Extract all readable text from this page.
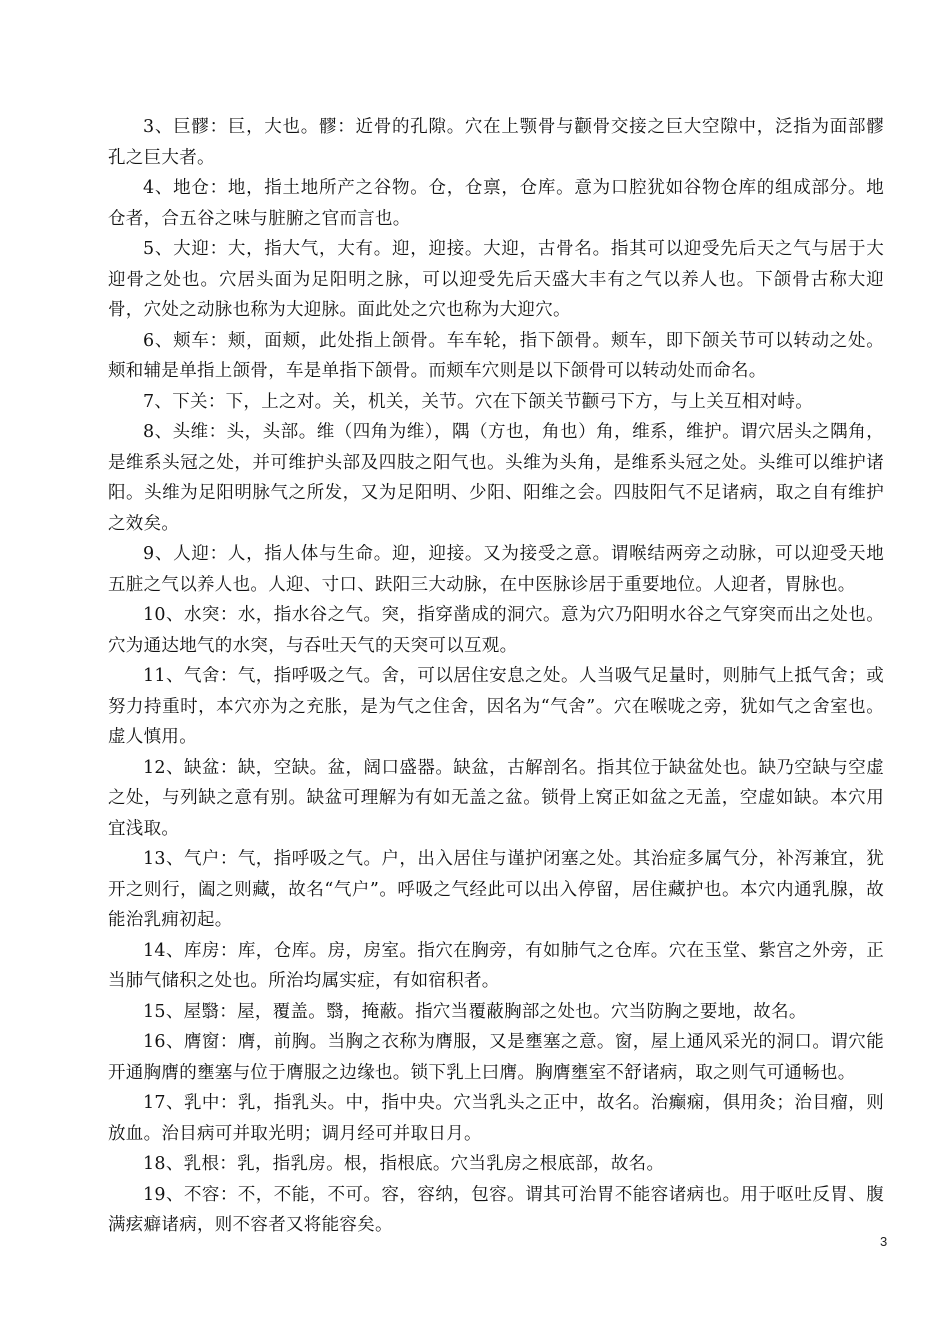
3、巨髎：巨，大也。髎：近骨的孔隙。穴在上颚骨与颧骨交接之巨大空隙中，泛指为面部髎孔之巨大者。

4、地仓：地，指土地所产之谷物。仓，仓禀，仓库。意为口腔犹如谷物仓库的组成部分。地仓者，合五谷之味与脏腑之官而言也。

5、大迎：大，指大气，大有。迎，迎接。大迎，古骨名。指其可以迎受先后天之气与居于大迎骨之处也。穴居头面为足阳明之脉，可以迎受先后天盛大丰有之气以养人也。下颌骨古称大迎骨，穴处之动脉也称为大迎脉。面此处之穴也称为大迎穴。

6、颊车：颊，面颊，此处指上颌骨。车车轮，指下颌骨。颊车，即下颌关节可以转动之处。颊和辅是单指上颌骨，车是单指下颌骨。而颊车穴则是以下颌骨可以转动处而命名。

7、下关：下，上之对。关，机关，关节。穴在下颌关节颧弓下方，与上关互相对峙。

8、头维：头，头部。维（四角为维），隅（方也，角也）角，维系，维护。谓穴居头之隅角，是维系头冠之处，并可维护头部及四肢之阳气也。头维为头角，是维系头冠之处。头维可以维护诸阳。头维为足阳明脉气之所发，又为足阳明、少阳、阳维之会。四肢阳气不足诸病，取之自有维护之效矣。

9、人迎：人，指人体与生命。迎，迎接。又为接受之意。谓喉结两旁之动脉，可以迎受天地五脏之气以养人也。人迎、寸口、趺阳三大动脉，在中医脉诊居于重要地位。人迎者，胃脉也。

10、水突：水，指水谷之气。突，指穿凿成的洞穴。意为穴乃阳明水谷之气穿突而出之处也。穴为通达地气的水突，与吞吐天气的天突可以互观。

11、气舍：气，指呼吸之气。舍，可以居住安息之处。人当吸气足量时，则肺气上抵气舍；或努力持重时，本穴亦为之充胀，是为气之住舍，因名为“气舍”。穴在喉咙之旁，犹如气之舍室也。虚人慎用。

12、缺盆：缺，空缺。盆，阔口盛器。缺盆，古解剖名。指其位于缺盆处也。缺乃空缺与空虚之处，与列缺之意有别。缺盆可理解为有如无盖之盆。锁骨上窝正如盆之无盖，空虚如缺。本穴用宜浅取。

13、气户：气，指呼吸之气。户，出入居住与谨护闭塞之处。其治症多属气分，补泻兼宜，犹开之则行，阖之则藏，故名“气户”。呼吸之气经此可以出入停留，居住藏护也。本穴内通乳腺，故能治乳痈初起。

14、库房：库，仓库。房，房室。指穴在胸旁，有如肺气之仓库。穴在玉堂、紫宫之外旁，正当肺气储积之处也。所治均属实症，有如宿积者。

15、屋翳：屋，覆盖。翳，掩蔽。指穴当覆蔽胸部之处也。穴当防胸之要地，故名。

16、膺窗：膺，前胸。当胸之衣称为膺服，又是壅塞之意。窗，屋上通风采光的洞口。谓穴能开通胸膺的壅塞与位于膺服之边缘也。锁下乳上曰膺。胸膺壅室不舒诸病，取之则气可通畅也。

17、乳中：乳，指乳头。中，指中央。穴当乳头之正中，故名。治癫痫，俱用灸；治目瘤，则放血。治目病可并取光明；调月经可并取日月。

18、乳根：乳，指乳房。根，指根底。穴当乳房之根底部，故名。

19、不容：不，不能，不可。容，容纳，包容。谓其可治胃不能容诸病也。用于呕吐反胃、腹满痃癖诸病，则不容者又将能容矣。

3
